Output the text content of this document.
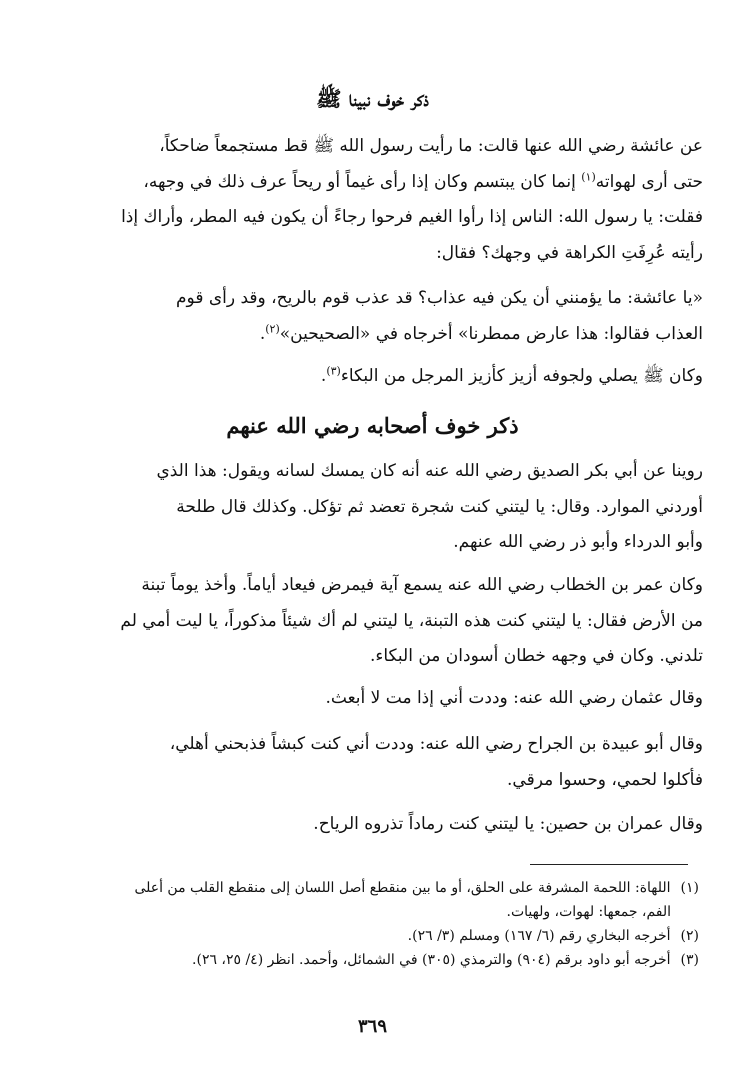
ذكر خوف نبينا ﷺ
عن عائشة رضي الله عنها قالت: ما رأيت رسول الله ﷺ قط مستجمعاً ضاحكاً،
حتى أرى لهواته$^{(١)}$ إنما كان يبتسم وكان إذا رأى غيماً أو ريحاً عرف ذلك في وجهه،
فقلت: يا رسول الله: الناس إذا رأوا الغيم فرحوا رجاءً أن يكون فيه المطر، وأراك إذا
رأيته عُرِفَتِ الكراهة في وجهك؟ فقال:
«يا عائشة: ما يؤمنني أن يكن فيه عذاب؟ قد عذب قوم بالريح، وقد رأى قوم
العذاب فقالوا: هذا عارض ممطرنا» أخرجاه في «الصحيحين»$^{(٢)}$.
وكان ﷺ يصلي ولجوفه أزيز كأزيز المرجل من البكاء$^{(٣)}$.
ذكر خوف أصحابه رضي الله عنهم
روينا عن أبي بكر الصديق رضي الله عنه أنه كان يمسك لسانه ويقول: هذا الذي
أوردني الموارد. وقال: يا ليتني كنت شجرة تعضد ثم تؤكل. وكذلك قال طلحة
وأبو الدرداء وأبو ذر رضي الله عنهم.
وكان عمر بن الخطاب رضي الله عنه يسمع آية فيمرض فيعاد أياماً. وأخذ يوماً تبنة
من الأرض فقال: يا ليتني كنت هذه التبنة، يا ليتني لم أك شيئاً مذكوراً، يا ليت أمي لم
تلدني. وكان في وجهه خطان أسودان من البكاء.
وقال عثمان رضي الله عنه: وددت أني إذا مت لا أبعث.
وقال أبو عبيدة بن الجراح رضي الله عنه: وددت أني كنت كبشاً فذبحني أهلي،
فأكلوا لحمي، وحسوا مرقي.
وقال عمران بن حصين: يا ليتني كنت رماداً تذروه الرياح.
(١) اللهاة: اللحمة المشرفة على الحلق، أو ما بين منقطع أصل اللسان إلى منقطع القلب من أعلى
الفم، جمعها: لهوات، ولهيات.
(٢) أخرجه البخاري رقم (٦/ ١٦٧) ومسلم (٣/ ٢٦).
(٣) أخرجه أبو داود برقم (٩٠٤) والترمذي (٣٠٥) في الشمائل، وأحمد. انظر (٤/ ٢٥، ٢٦).
٣٦٩
